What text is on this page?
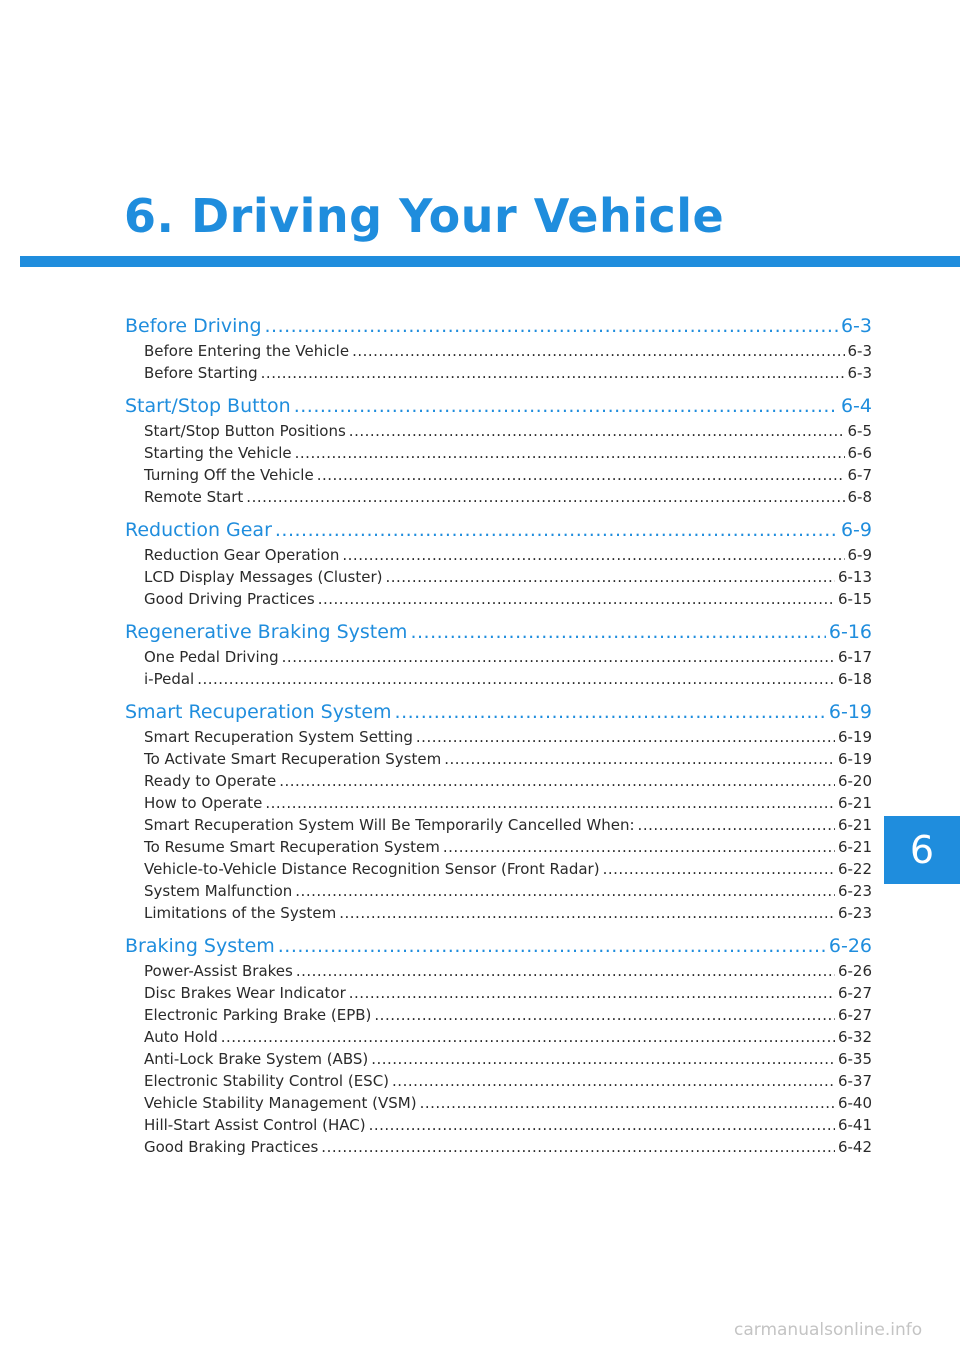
6. Driving Your Vehicle
Before Driving .....	6-3
Before Entering the Vehicle .....	6-3
Before Starting .....	6-3
Start/Stop Button .....	6-4
Start/Stop Button Positions .....	6-5
Starting the Vehicle .....	6-6
Turning Off the Vehicle .....	6-7
Remote Start .....	6-8
Reduction Gear .....	6-9
Reduction Gear Operation .....	6-9
LCD Display Messages (Cluster) .....	6-13
Good Driving Practices .....	6-15
Regenerative Braking System .....	6-16
One Pedal Driving .....	6-17
i-Pedal .....	6-18
Smart Recuperation System .....	6-19
Smart Recuperation System Setting .....	6-19
To Activate Smart Recuperation System .....	6-19
Ready to Operate .....	6-20
How to Operate .....	6-21
Smart Recuperation System Will Be Temporarily Cancelled When: .....	6-21
To Resume Smart Recuperation System .....	6-21
Vehicle-to-Vehicle Distance Recognition Sensor (Front Radar) .....	6-22
System Malfunction .....	6-23
Limitations of the System .....	6-23
Braking System .....	6-26
Power-Assist Brakes .....	6-26
Disc Brakes Wear Indicator .....	6-27
Electronic Parking Brake (EPB) .....	6-27
Auto Hold .....	6-32
Anti-Lock Brake System (ABS) .....	6-35
Electronic Stability Control (ESC) .....	6-37
Vehicle Stability Management (VSM) .....	6-40
Hill-Start Assist Control (HAC) .....	6-41
Good Braking Practices .....	6-42
6
carmanualsonline.info
